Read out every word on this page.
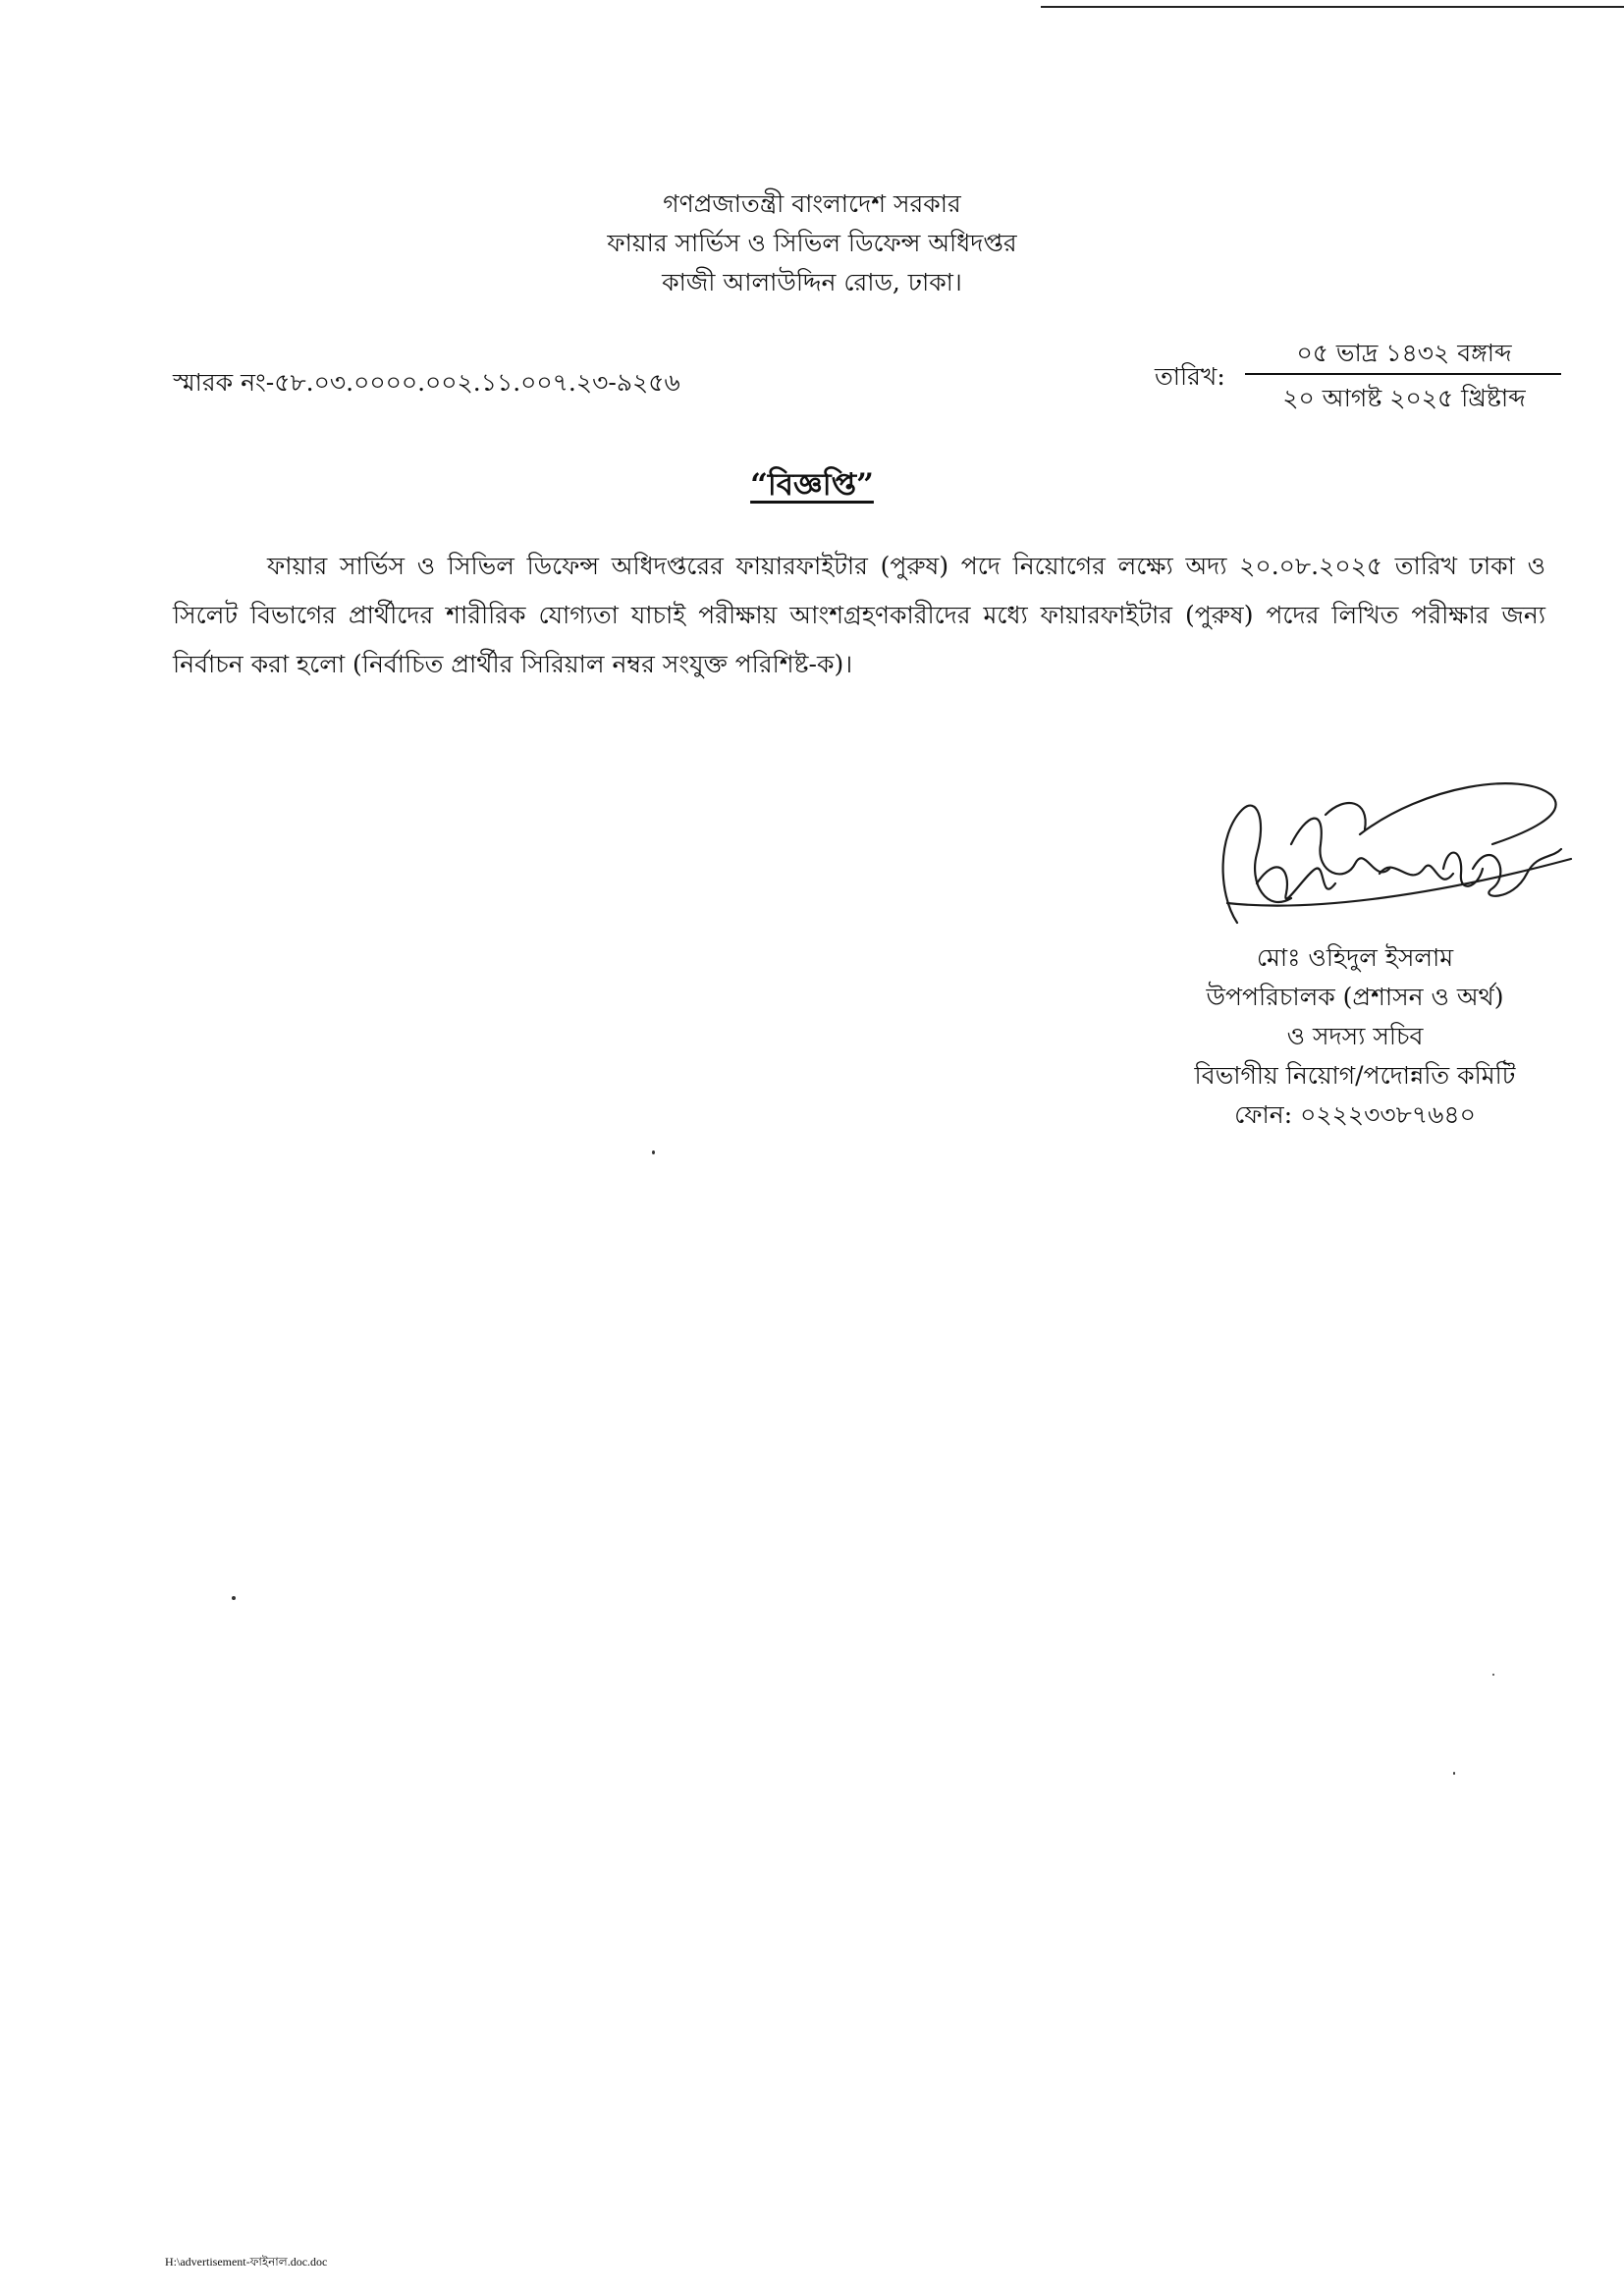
গণপ্রজাতন্ত্রী বাংলাদেশ সরকার
ফায়ার সার্ভিস ও সিভিল ডিফেন্স অধিদপ্তর
কাজী আলাউদ্দিন রোড, ঢাকা।
স্মারক নং-৫৮.০৩.০০০০.০০২.১১.০০৭.২৩-৯২৫৬	তারিখ:
০৫ ভাদ্র ১৪৩২ বঙ্গাব্দ
২০ আগষ্ট ২০২৫ খ্রিষ্টাব্দ
“বিজ্ঞপ্তি”
ফায়ার সার্ভিস ও সিভিল ডিফেন্স অধিদপ্তরের ফায়ারফাইটার (পুরুষ) পদে নিয়োগের লক্ষ্যে অদ্য ২০.০৮.২০২৫ তারিখ ঢাকা ও সিলেট বিভাগের প্রার্থীদের শারীরিক যোগ্যতা যাচাই পরীক্ষায় আংশগ্রহণকারীদের মধ্যে ফায়ারফাইটার (পুরুষ) পদের লিখিত পরীক্ষার জন্য নির্বাচন করা হলো (নির্বাচিত প্রার্থীর সিরিয়াল নম্বর সংযুক্ত পরিশিষ্ট-ক)।
মোঃ ওহিদুল ইসলাম
উপপরিচালক (প্রশাসন ও অর্থ)
ও সদস্য সচিব
বিভাগীয় নিয়োগ/পদোন্নতি কমিটি
ফোন: ০২২২৩৩৮৭৬৪০
H:\advertisement-ফাইনাল.doc.doc
